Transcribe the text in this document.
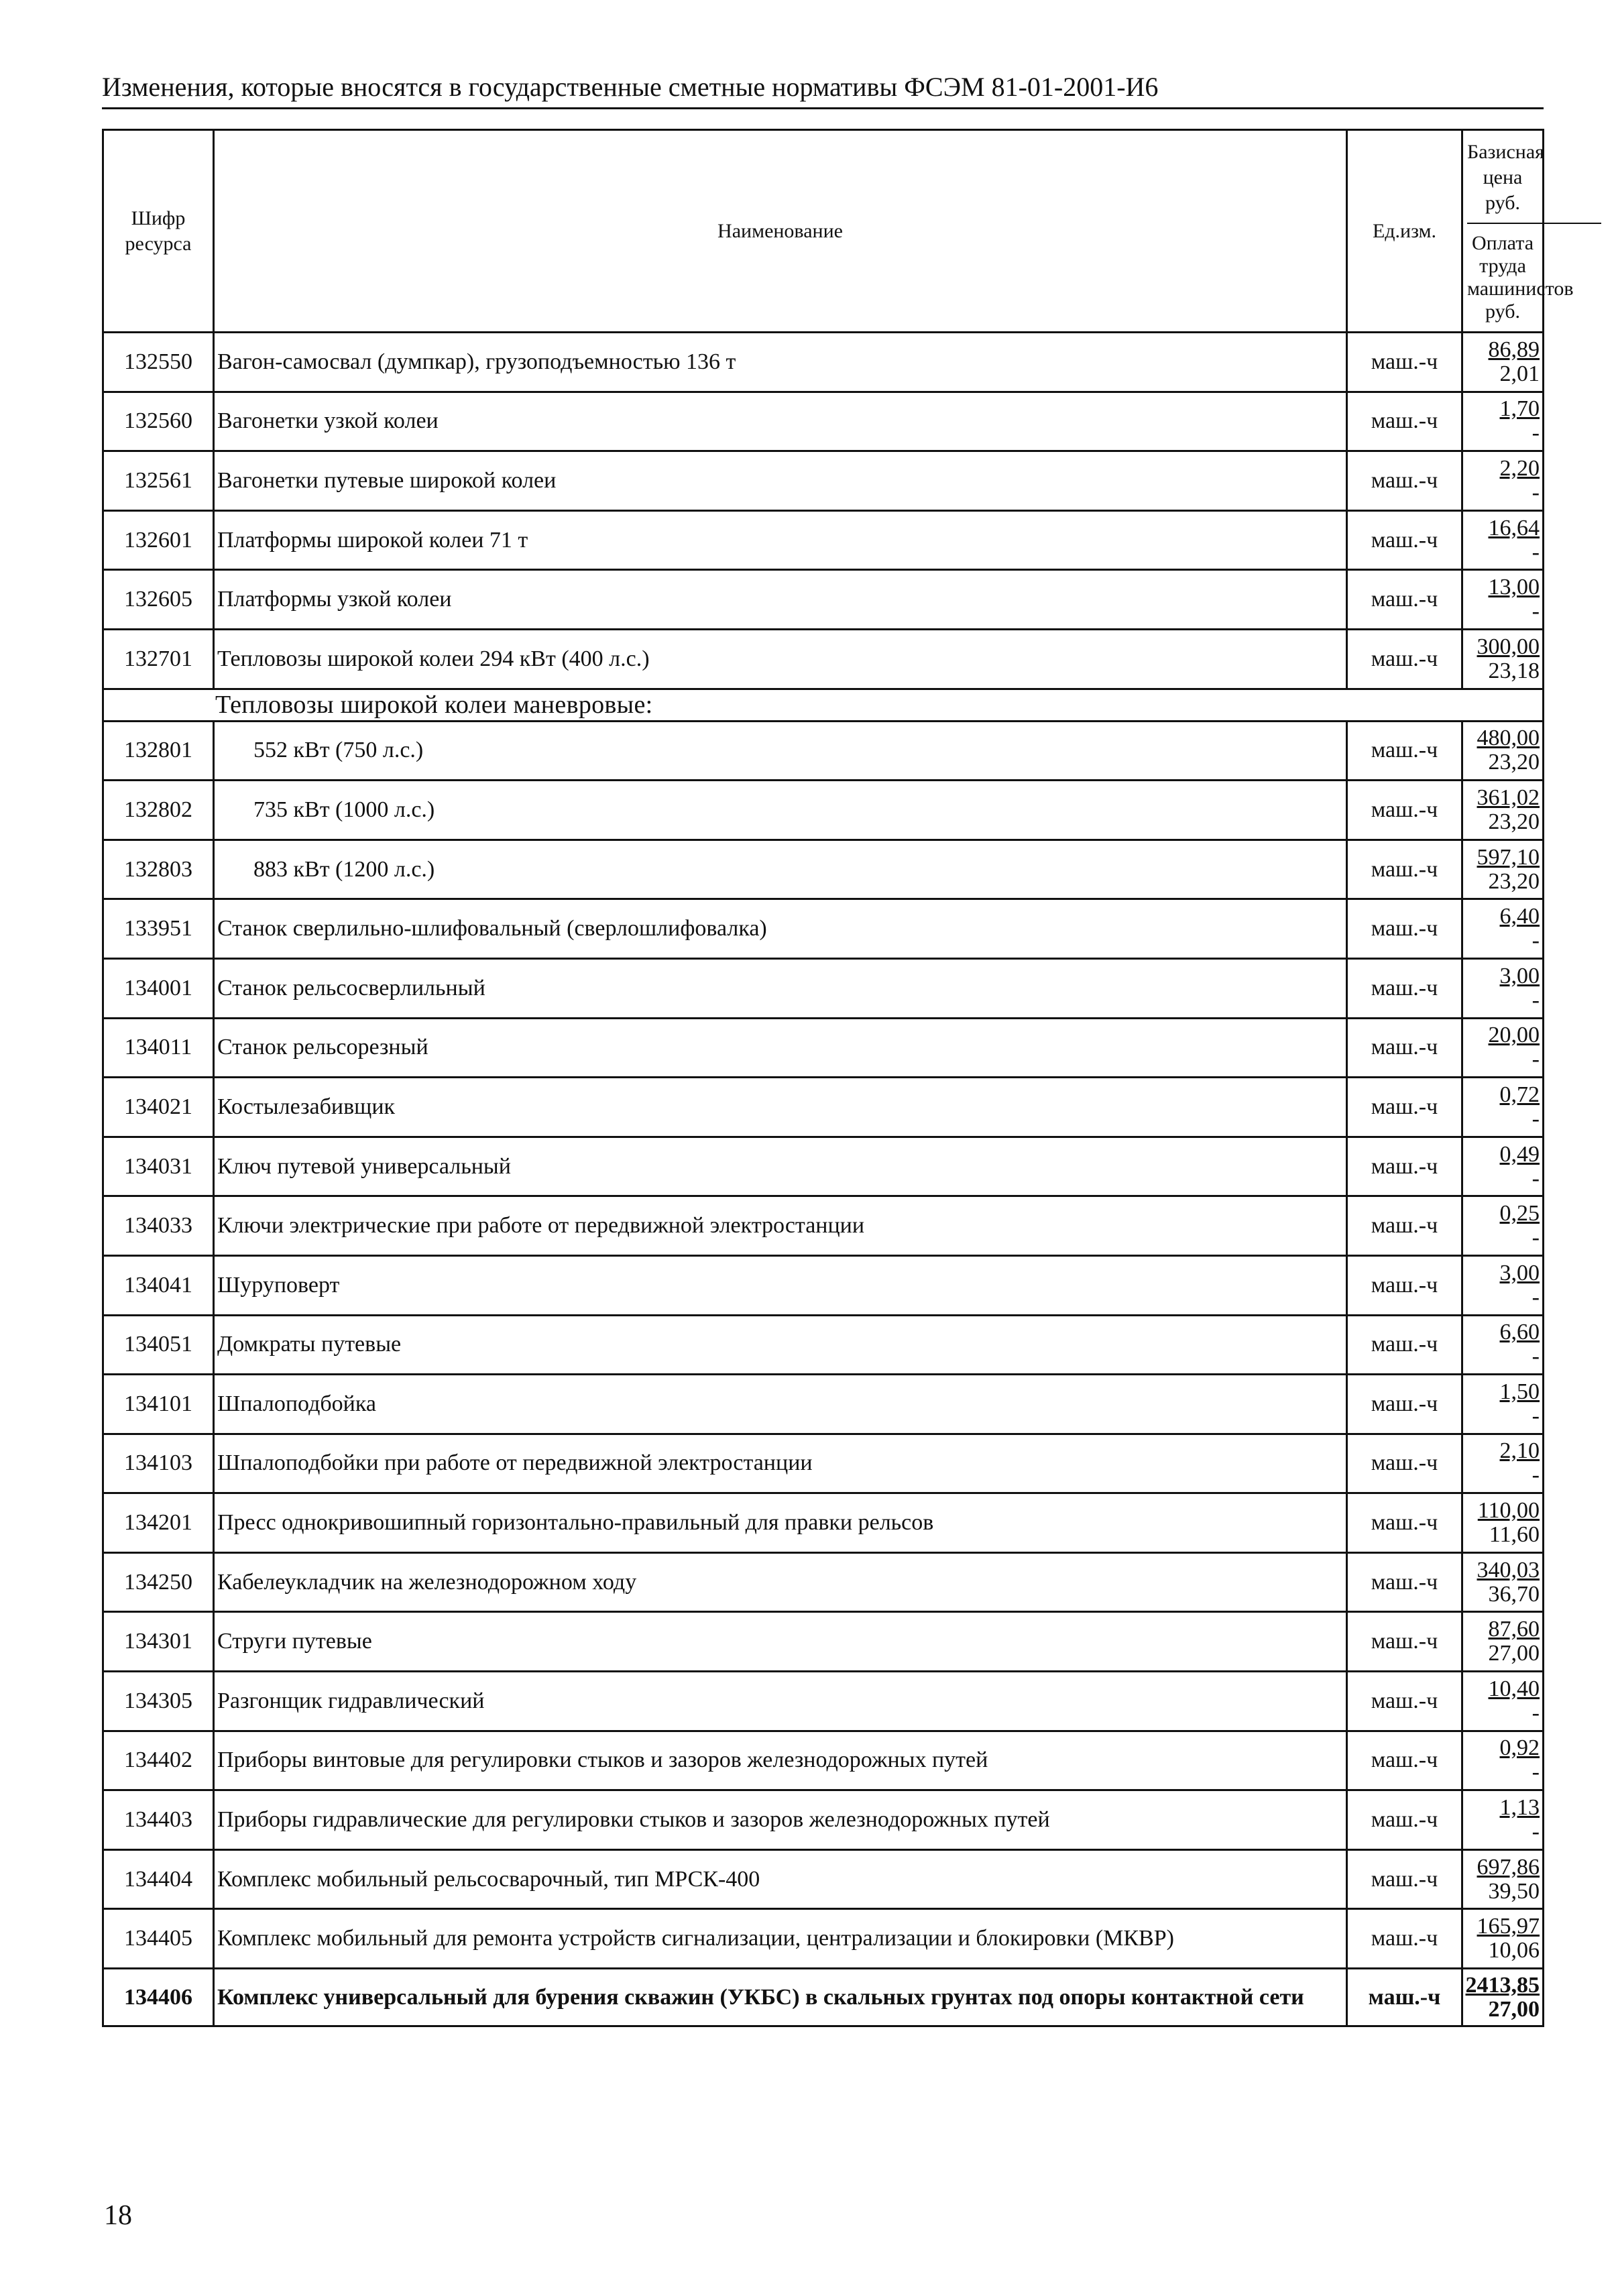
Изменения, которые вносятся в государственные сметные нормативы ФСЭМ 81-01-2001-И6
Шифр ресурса	Наименование	Ед.изм.	Базисная цена руб.
Оплата труда машинистов руб.

132550	Вагон-самосвал (думпкар), грузоподъемностью 136 т	маш.-ч	86,89
2,01

132560	Вагонетки узкой колеи	маш.-ч	1,70
-

132561	Вагонетки путевые широкой колеи	маш.-ч	2,20
-

132601	Платформы широкой колеи 71 т	маш.-ч	16,64
-

132605	Платформы узкой колеи	маш.-ч	13,00
-

132701	Тепловозы широкой колеи 294 кВт (400 л.с.)	маш.-ч	300,00
23,18

Тепловозы широкой колеи маневровые:			
132801	552 кВт (750 л.с.)	маш.-ч	480,00
23,20

132802	735 кВт (1000 л.с.)	маш.-ч	361,02
23,20

132803	883 кВт (1200 л.с.)	маш.-ч	597,10
23,20

133951	Станок сверлильно-шлифовальный (сверлошлифовалка)	маш.-ч	6,40
-

134001	Станок рельсосверлильный	маш.-ч	3,00
-

134011	Станок рельсорезный	маш.-ч	20,00
-

134021	Костылезабивщик	маш.-ч	0,72
-

134031	Ключ путевой универсальный	маш.-ч	0,49
-

134033	Ключи электрические при работе от передвижной электростанции	маш.-ч	0,25
-

134041	Шуруповерт	маш.-ч	3,00
-

134051	Домкраты путевые	маш.-ч	6,60
-

134101	Шпалоподбойка	маш.-ч	1,50
-

134103	Шпалоподбойки при работе от передвижной электростанции	маш.-ч	2,10
-

134201	Пресс однокривошипный горизонтально-правильный для правки рельсов	маш.-ч	110,00
11,60

134250	Кабелеукладчик на железнодорожном ходу	маш.-ч	340,03
36,70

134301	Струги путевые	маш.-ч	87,60
27,00

134305	Разгонщик гидравлический	маш.-ч	10,40
-

134402	Приборы винтовые для регулировки стыков и зазоров железнодорожных путей	маш.-ч	0,92
-

134403	Приборы гидравлические для регулировки стыков и зазоров железнодорожных путей	маш.-ч	1,13
-

134404	Комплекс мобильный рельсосварочный, тип МРСК-400	маш.-ч	697,86
39,50

134405	Комплекс мобильный для ремонта устройств сигнализации, централизации и блокировки (МКВР)	маш.-ч	165,97
10,06

134406	Комплекс универсальный для бурения скважин (УКБС) в скальных грунтах под опоры контактной сети	маш.-ч	2413,85
27,00
18
